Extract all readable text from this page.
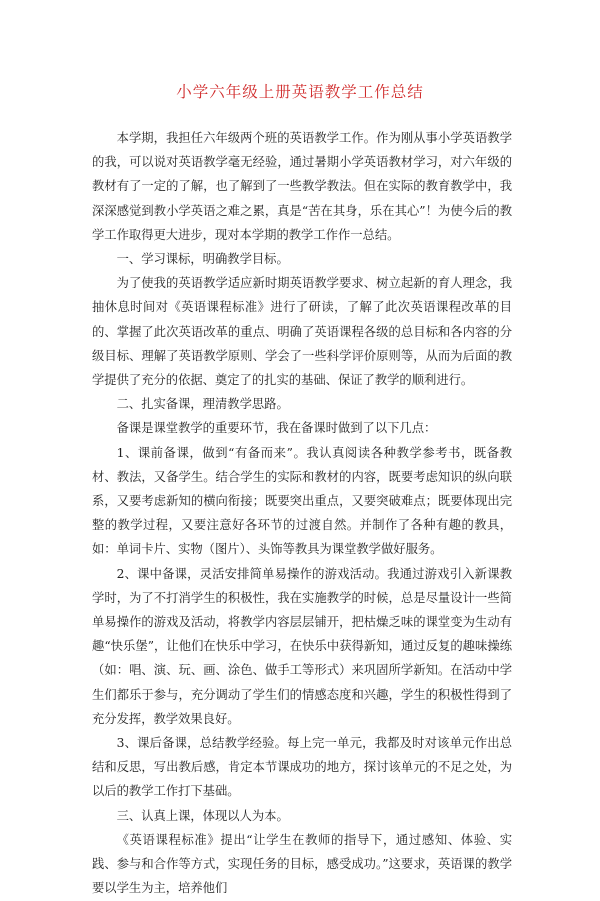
小学六年级上册英语教学工作总结

本学期，我担任六年级两个班的英语教学工作。作为刚从事小学英语教学的我，可以说对英语教学毫无经验，通过暑期小学英语教材学习，对六年级的教材有了一定的了解，也了解到了一些教学教法。但在实际的教育教学中，我深深感觉到教小学英语之难之累，真是“苦在其身，乐在其心”！为使今后的教学工作取得更大进步，现对本学期的教学工作作一总结。

一、学习课标，明确教学目标。

为了使我的英语教学适应新时期英语教学要求、树立起新的育人理念，我抽休息时间对《英语课程标准》进行了研读，了解了此次英语课程改革的目的、掌握了此次英语改革的重点、明确了英语课程各级的总目标和各内容的分级目标、理解了英语教学原则、学会了一些科学评价原则等，从而为后面的教学提供了充分的依据、奠定了的扎实的基础、保证了教学的顺利进行。

二、扎实备课，理清教学思路。

备课是课堂教学的重要环节，我在备课时做到了以下几点：

1、课前备课，做到“有备而来”。我认真阅读各种教学参考书，既备教材、教法，又备学生。结合学生的实际和教材的内容，既要考虑知识的纵向联系，又要考虑新知的横向衔接；既要突出重点，又要突破难点；既要体现出完整的教学过程，又要注意好各环节的过渡自然。并制作了各种有趣的教具，如：单词卡片、实物（图片）、头饰等教具为课堂教学做好服务。

2、课中备课，灵活安排简单易操作的游戏活动。我通过游戏引入新课教学时，为了不打消学生的积极性，我在实施教学的时候，总是尽量设计一些简单易操作的游戏及活动，将教学内容层层铺开，把枯燥乏味的课堂变为生动有趣“快乐堡”，让他们在快乐中学习，在快乐中获得新知，通过反复的趣味操练（如：唱、演、玩、画、涂色、做手工等形式）来巩固所学新知。在活动中学生们都乐于参与，充分调动了学生们的情感态度和兴趣，学生的积极性得到了充分发挥，教学效果良好。

3、课后备课，总结教学经验。每上完一单元，我都及时对该单元作出总结和反思，写出教后感，肯定本节课成功的地方，探讨该单元的不足之处，为以后的教学工作打下基础。

三、认真上课，体现以人为本。

《英语课程标准》提出“让学生在教师的指导下，通过感知、体验、实践、参与和合作等方式，实现任务的目标，感受成功。”这要求，英语课的教学要以学生为主，培养他们
